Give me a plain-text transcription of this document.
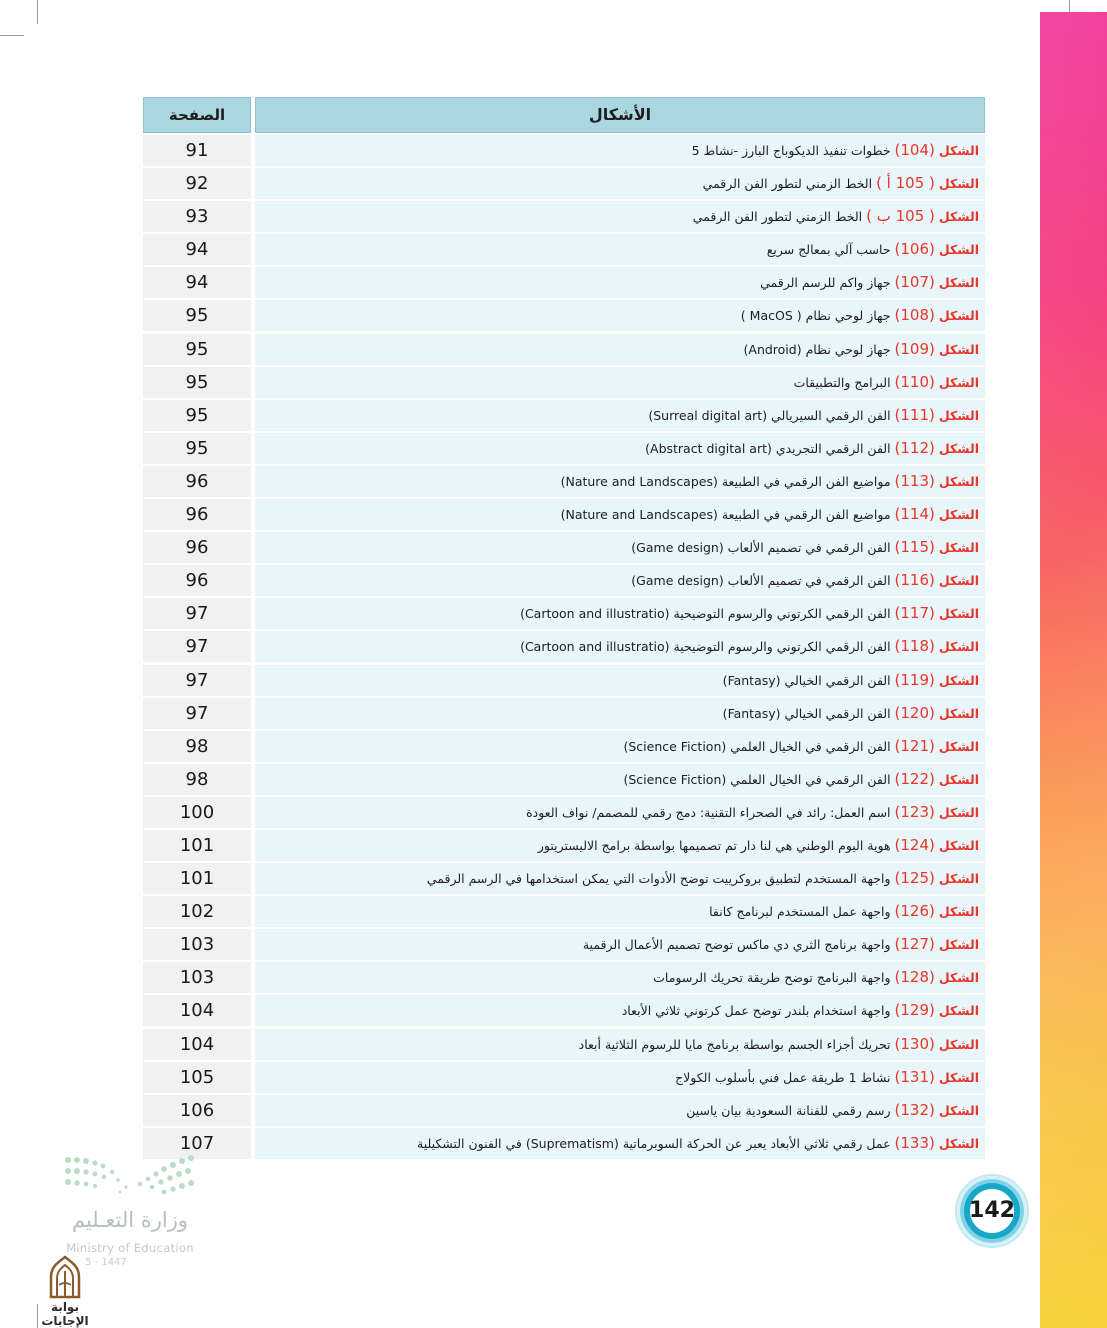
الأشكال
الصفحة
الشكل (104) خطوات تنفيذ الديكوباج البارز -نشاط 5
91
الشكل ( 105 أ ) الخط الزمني لتطور الفن الرقمي
92
الشكل ( 105 ب ) الخط الزمني لتطور الفن الرقمي
93
الشكل (106) حاسب آلي بمعالج سريع
94
الشكل (107) جهاز واكم للرسم الرقمي
94
الشكل (108) جهاز لوحي نظام ( MacOS )
95
الشكل (109) جهاز لوحي نظام (Android)
95
الشكل (110) البرامج والتطبيقات
95
الشكل (111) الفن الرقمي السيريالي (Surreal digital art)
95
الشكل (112) الفن الرقمي التجريدي (Abstract digital art)
95
الشكل (113) مواضيع الفن الرقمي في الطبيعة (Nature and Landscapes)
96
الشكل (114) مواضيع الفن الرقمي في الطبيعة (Nature and Landscapes)
96
الشكل (115) الفن الرقمي في تصميم الألعاب (Game design)
96
الشكل (116) الفن الرقمي في تصميم الألعاب (Game design)
96
الشكل (117) الفن الرقمي الكرتوني والرسوم التوضيحية (Cartoon and illustratio)
97
الشكل (118) الفن الرقمي الكرتوني والرسوم التوضيحية (Cartoon and illustratio)
97
الشكل (119) الفن الرقمي الخيالي (Fantasy)
97
الشكل (120) الفن الرقمي الخيالي (Fantasy)
97
الشكل (121) الفن الرقمي في الخيال العلمي (Science Fiction)
98
الشكل (122) الفن الرقمي في الخيال العلمي (Science Fiction)
98
الشكل (123) اسم العمل: رائد في الصحراء التقنية: دمج رقمي للمصمم/ نواف العودة
100
الشكل (124) هوية اليوم الوطني هي لنا دار تم تصميمها بواسطة برامج الاليستريتور
101
الشكل (125) واجهة المستخدم لتطبيق بروكرييت توضح الأدوات التي يمكن استخدامها في الرسم الرقمي
101
الشكل (126) واجهة عمل المستخدم لبرنامج كانفا
102
الشكل (127) واجهة برنامج الثري دي ماكس توضح تصميم الأعمال الرقمية
103
الشكل (128) واجهة البرنامج توضح طريقة تحريك الرسومات
103
الشكل (129) واجهة استخدام بلندر توضح عمل كرتوني ثلاثي الأبعاد
104
الشكل (130) تحريك أجزاء الجسم بواسطة برنامج مايا للرسوم الثلاثية أبعاد
104
الشكل (131) نشاط 1 طريقة عمل فني بأسلوب الكولاج
105
الشكل (132) رسم رقمي للفنانة السعودية بيان ياسين
106
الشكل (133) عمل رقمي ثلاثي الأبعاد يعبر عن الحركة السوبرماتية (Suprematism) في الفنون التشكيلية
107
142
وزارة التعـليم
Ministry of Education
5 - 1447
بوابة الإجابات
